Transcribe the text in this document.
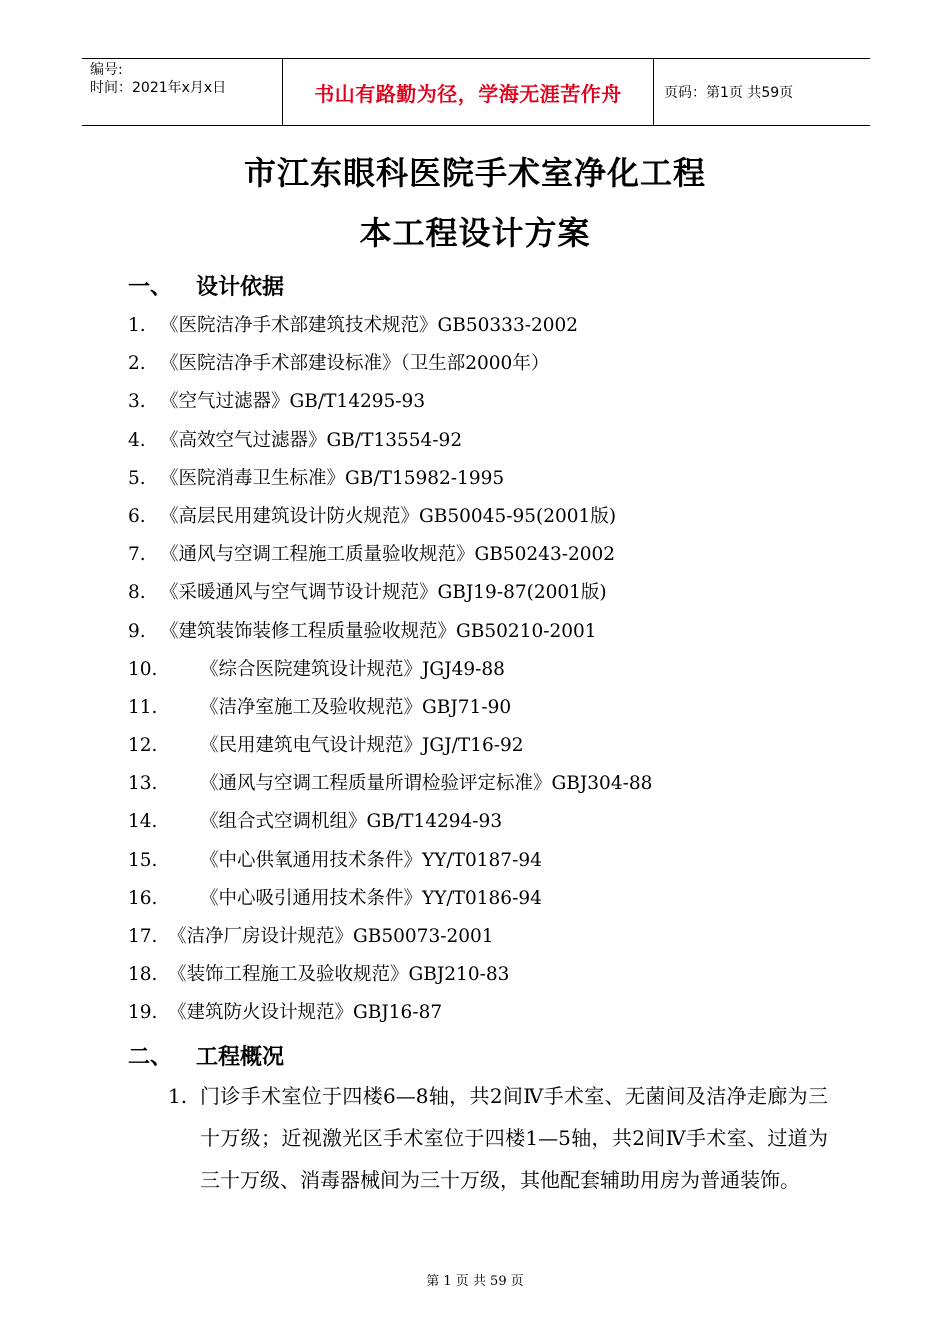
编号:
时间：2021年x月x日	书山有路勤为径，学海无涯苦作舟	页码：第1页 共59页
市江东眼科医院手术室净化工程
本工程设计方案
一、	设计依据
1. 《医院洁净手术部建筑技术规范》GB50333-2002
2. 《医院洁净手术部建设标准》（卫生部2000年）
3. 《空气过滤器》GB/T14295-93
4. 《高效空气过滤器》GB/T13554-92
5. 《医院消毒卫生标准》GB/T15982-1995
6. 《高层民用建筑设计防火规范》GB50045-95(2001版)
7. 《通风与空调工程施工质量验收规范》GB50243-2002
8. 《采暖通风与空气调节设计规范》GBJ19-87(2001版)
9. 《建筑装饰装修工程质量验收规范》GB50210-2001
10.	《综合医院建筑设计规范》JGJ49-88
11.	《洁净室施工及验收规范》GBJ71-90
12.	《民用建筑电气设计规范》JGJ/T16-92
13.	《通风与空调工程质量所谓检验评定标准》GBJ304-88
14.	《组合式空调机组》GB/T14294-93
15.	《中心供氧通用技术条件》YY/T0187-94
16.	《中心吸引通用技术条件》YY/T0186-94
17. 《洁净厂房设计规范》GB50073-2001
18. 《装饰工程施工及验收规范》GBJ210-83
19. 《建筑防火设计规范》GBJ16-87
二、	工程概况
1. 门诊手术室位于四楼6—8轴，共2间Ⅳ手术室、无菌间及洁净走廊为三十万级；近视激光区手术室位于四楼1—5轴，共2间Ⅳ手术室、过道为三十万级、消毒器械间为三十万级，其他配套辅助用房为普通装饰。
第 1 页 共 59 页
